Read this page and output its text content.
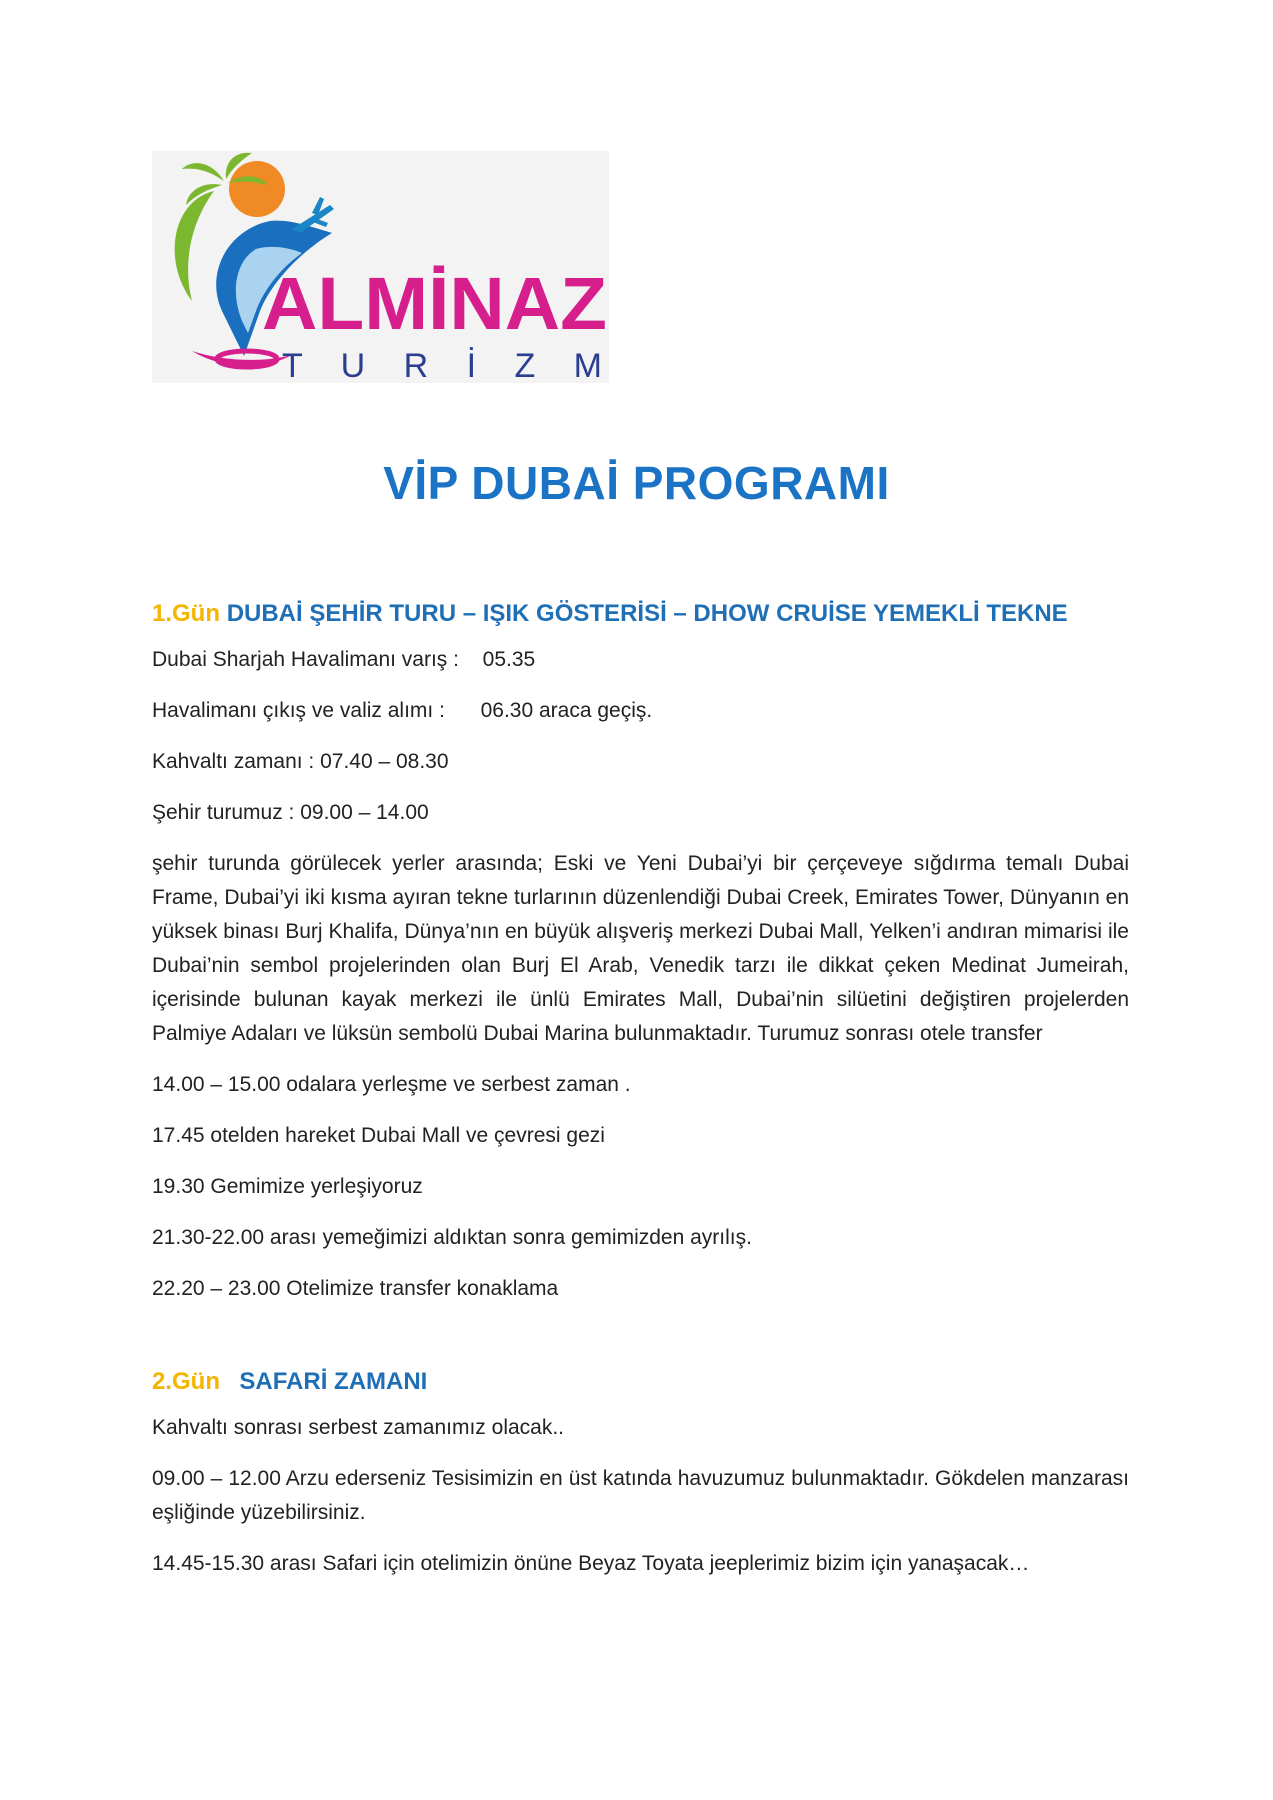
ALMİNAZ
T U R İ Z M
VİP DUBAİ PROGRAMI
1.Gün DUBAİ ŞEHİR TURU – IŞIK GÖSTERİSİ – DHOW CRUİSE YEMEKLİ TEKNE
Dubai Sharjah Havalimanı varış : 05.35
Havalimanı çıkış ve valiz alımı : 06.30 araca geçiş.
Kahvaltı zamanı : 07.40 – 08.30
Şehir turumuz : 09.00 – 14.00
şehir turunda görülecek yerler arasında; Eski ve Yeni Dubai’yi bir çerçeveye sığdırma temalı Dubai Frame, Dubai’yi iki kısma ayıran tekne turlarının düzenlendiği Dubai Creek, Emirates Tower, Dünyanın en yüksek binası Burj Khalifa, Dünya’nın en büyük alışveriş merkezi Dubai Mall, Yelken’i andıran mimarisi ile Dubai’nin sembol projelerinden olan Burj El Arab, Venedik tarzı ile dikkat çeken Medinat Jumeirah, içerisinde bulunan kayak merkezi ile ünlü Emirates Mall, Dubai’nin silüetini değiştiren projelerden Palmiye Adaları ve lüksün sembolü Dubai Marina bulunmaktadır. Turumuz sonrası otele transfer
14.00 – 15.00 odalara yerleşme ve serbest zaman .
17.45 otelden hareket Dubai Mall ve çevresi gezi
19.30 Gemimize yerleşiyoruz
21.30-22.00 arası yemeğimizi aldıktan sonra gemimizden ayrılış.
22.20 – 23.00 Otelimize transfer konaklama
2.Gün SAFARİ ZAMANI
Kahvaltı sonrası serbest zamanımız olacak..
09.00 – 12.00 Arzu ederseniz Tesisimizin en üst katında havuzumuz bulunmaktadır. Gökdelen manzarası eşliğinde yüzebilirsiniz.
14.45-15.30 arası Safari için otelimizin önüne Beyaz Toyata jeeplerimiz bizim için yanaşacak…
